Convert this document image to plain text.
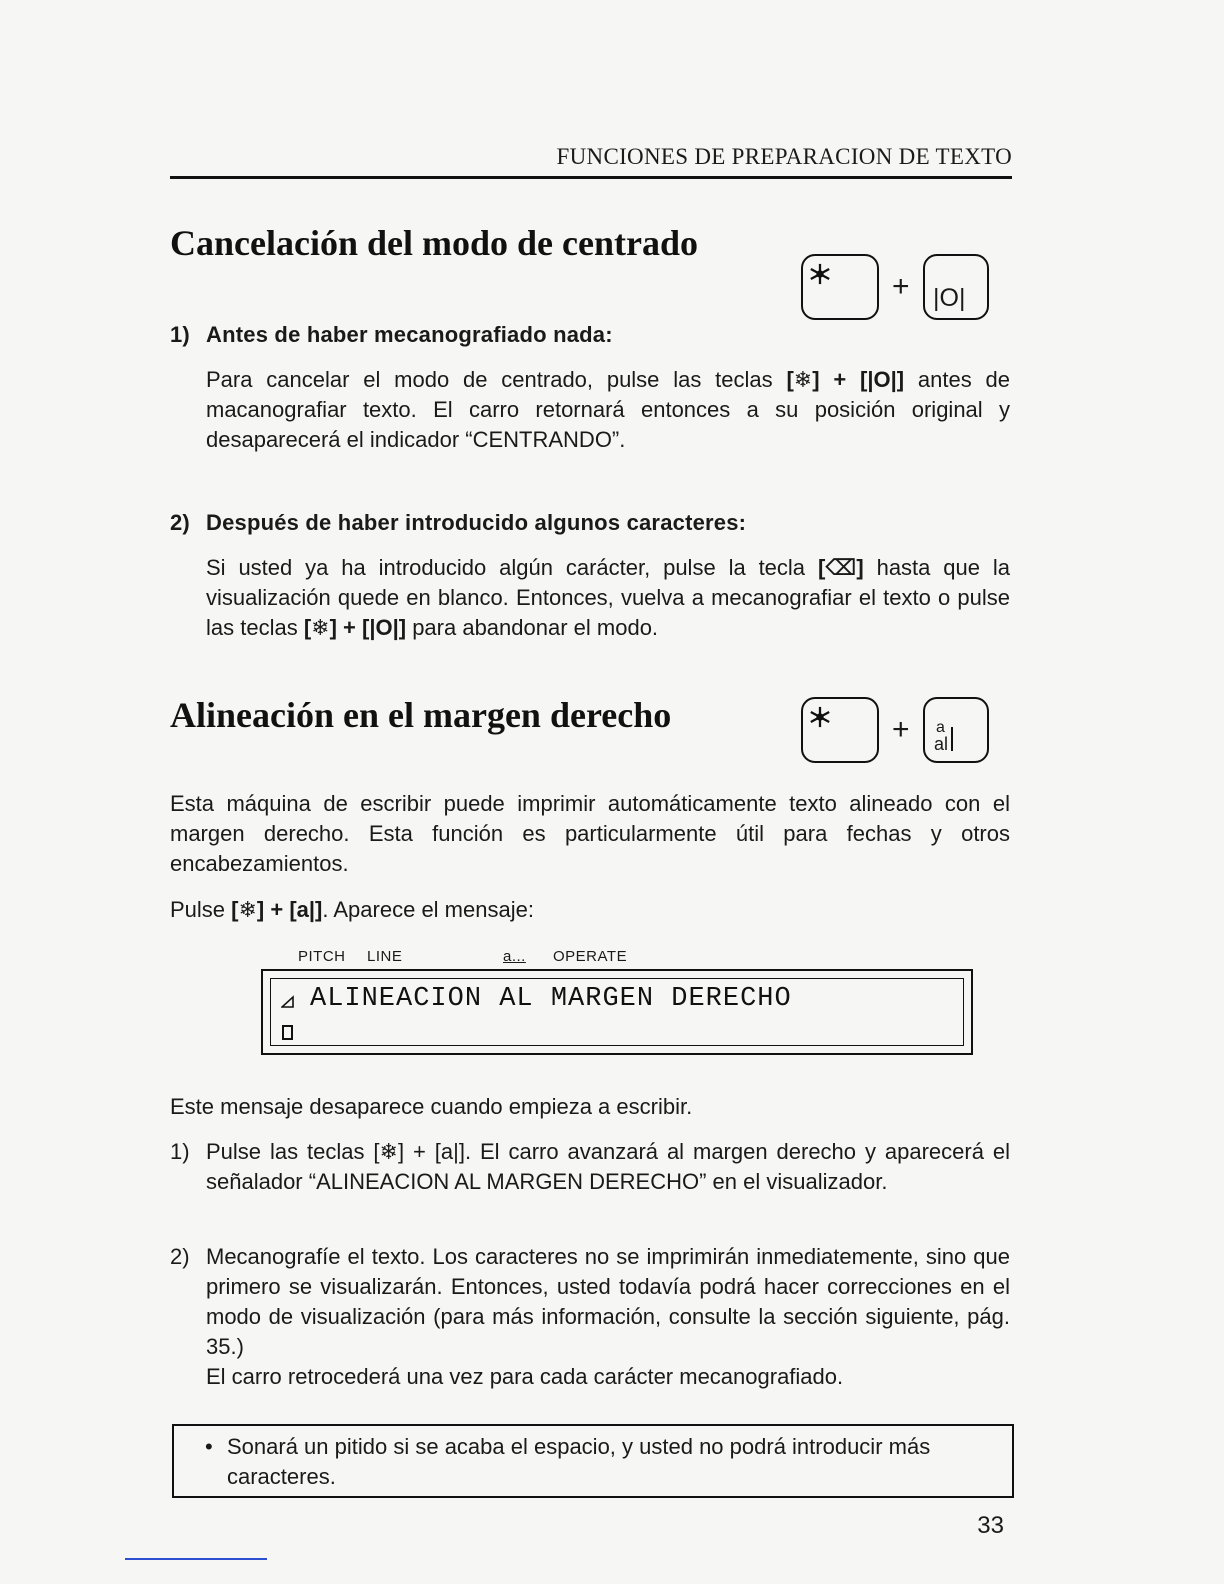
FUNCIONES DE PREPARACION DE TEXTO
Cancelación del modo de centrado
+ |O|
1) Antes de haber mecanografiado nada:

Para cancelar el modo de centrado, pulse las teclas [❄] + [|O|] antes de macanografiar texto. El carro retornará entonces a su posición original y desaparecerá el indicador “CENTRANDO”.

2) Después de haber introducido algunos caracteres:

Si usted ya ha introducido algún carácter, pulse la tecla [⌫] hasta que la visualización quede en blanco. Entonces, vuelva a mecanografiar el texto o pulse las teclas [❄] + [|O|] para abandonar el modo.

Alineación en el margen derecho	+ a
al

Esta máquina de escribir puede imprimir automáticamente texto alineado con el margen derecho. Esta función es particularmente útil para fechas y otros encabezamientos.

Pulse [❄] + [a|]. Aparece el mensaje:

PITCH LINE	a... OPERATE
ALINEACION AL MARGEN DERECHO

Este mensaje desaparece cuando empieza a escribir.

1) Pulse las teclas [❄] + [a|]. El carro avanzará al margen derecho y aparecerá el señalador “ALINEACION AL MARGEN DERECHO” en el visualizador.
2) Mecanografíe el texto. Los caracteres no se imprimirán inmediatemente, sino que primero se visualizarán. Entonces, usted todavía podrá hacer correcciones en el modo de visualización (para más información, consulte la sección siguiente, pág. 35.)
El carro retrocederá una vez para cada carácter mecanografiado.
• Sonará un pitido si se acaba el espacio, y usted no podrá introducir más caracteres.
33
